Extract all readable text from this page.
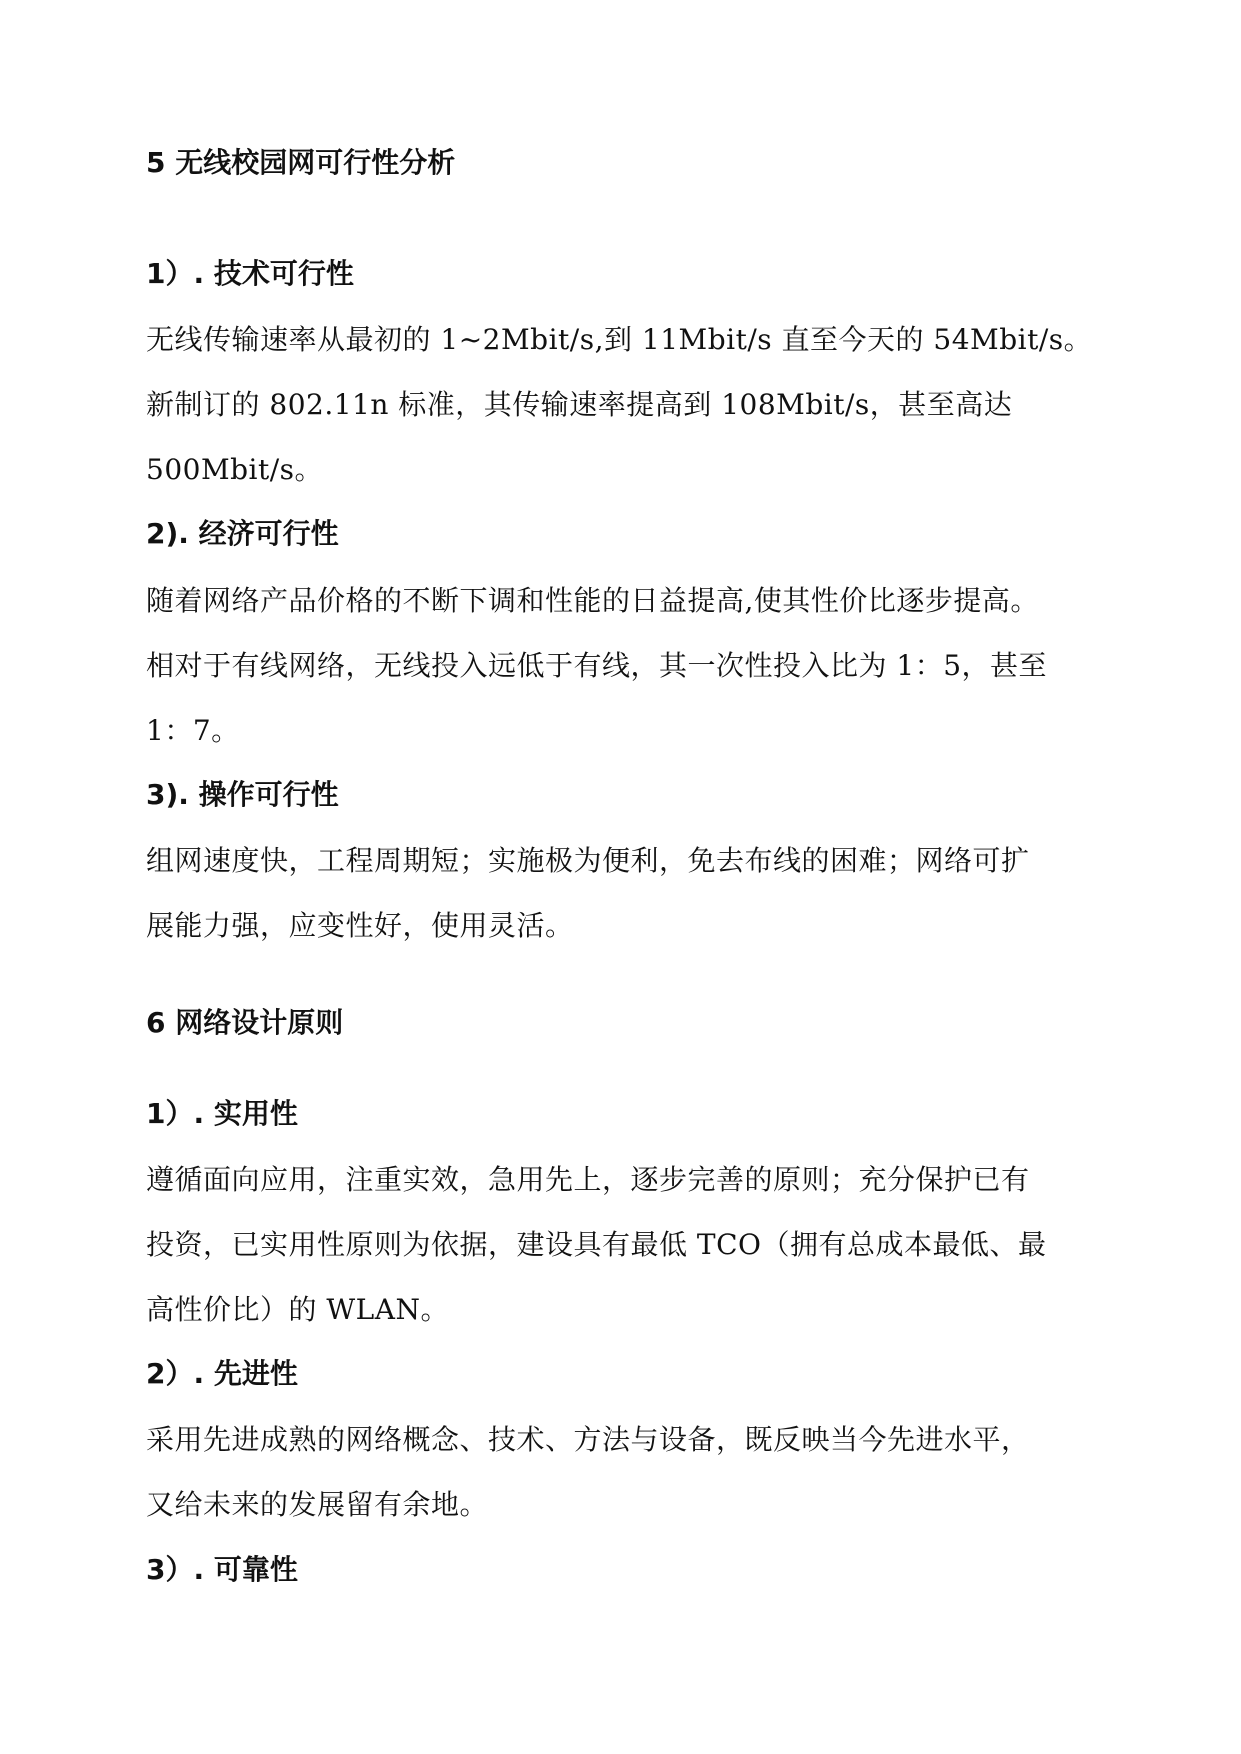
5 无线校园网可行性分析
1）. 技术可行性
无线传输速率从最初的 1~2Mbit/s,到 11Mbit/s 直至今天的 54Mbit/s。
新制订的 802.11n 标准，其传输速率提高到 108Mbit/s，甚至高达
500Mbit/s。
2). 经济可行性
随着网络产品价格的不断下调和性能的日益提高,使其性价比逐步提高。
相对于有线网络，无线投入远低于有线，其一次性投入比为 1：5，甚至
1：7。
3). 操作可行性
组网速度快，工程周期短；实施极为便利，免去布线的困难；网络可扩
展能力强，应变性好，使用灵活。
6 网络设计原则
1）. 实用性
遵循面向应用，注重实效，急用先上，逐步完善的原则；充分保护已有
投资，已实用性原则为依据，建设具有最低 TCO（拥有总成本最低、最
高性价比）的 WLAN。
2）. 先进性
采用先进成熟的网络概念、技术、方法与设备，既反映当今先进水平，
又给未来的发展留有余地。
3）. 可靠性
